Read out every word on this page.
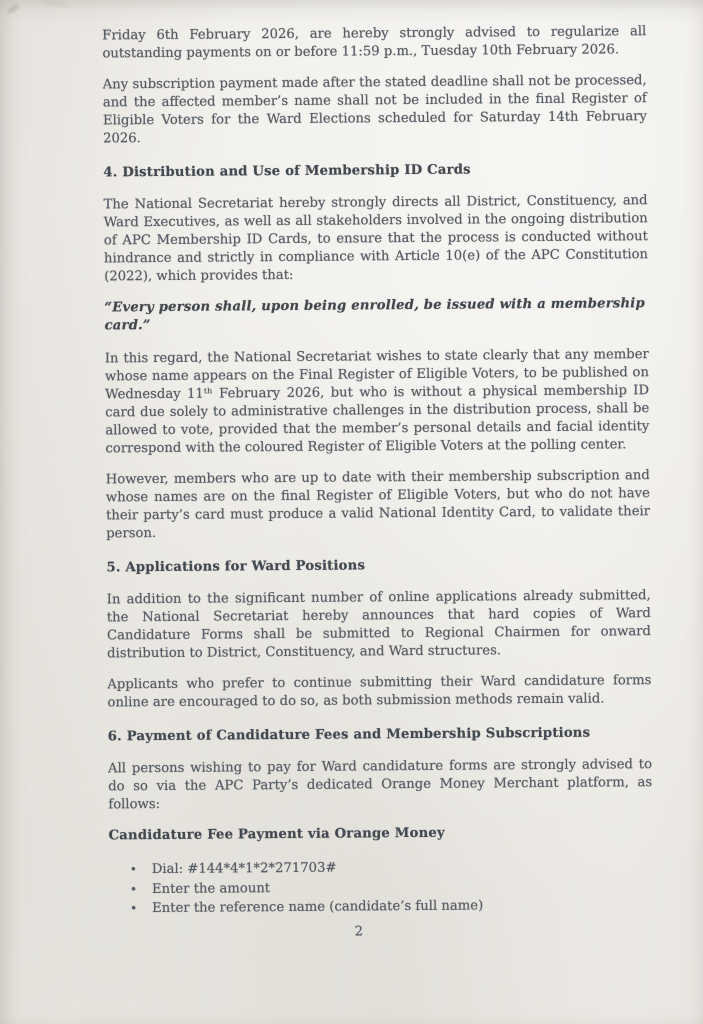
Friday 6th February 2026, are hereby strongly advised to regularize all outstanding payments on or before 11:59 p.m., Tuesday 10th February 2026.

Any subscription payment made after the stated deadline shall not be processed, and the affected member’s name shall not be included in the final Register of Eligible Voters for the Ward Elections scheduled for Saturday 14th February 2026.

4. Distribution and Use of Membership ID Cards

The National Secretariat hereby strongly directs all District, Constituency, and Ward Executives, as well as all stakeholders involved in the ongoing distribution of APC Membership ID Cards, to ensure that the process is conducted without hindrance and strictly in compliance with Article 10(e) of the APC Constitution (2022), which provides that:

“Every person shall, upon being enrolled, be issued with a membership card.”

In this regard, the National Secretariat wishes to state clearly that any member whose name appears on the Final Register of Eligible Voters, to be published on Wednesday 11ᵗʰ February 2026, but who is without a physical membership ID card due solely to administrative challenges in the distribution process, shall be allowed to vote, provided that the member’s personal details and facial identity correspond with the coloured Register of Eligible Voters at the polling center.

However, members who are up to date with their membership subscription and whose names are on the final Register of Eligible Voters, but who do not have their party’s card must produce a valid National Identity Card, to validate their person.

5. Applications for Ward Positions

In addition to the significant number of online applications already submitted, the National Secretariat hereby announces that hard copies of Ward Candidature Forms shall be submitted to Regional Chairmen for onward distribution to District, Constituency, and Ward structures.

Applicants who prefer to continue submitting their Ward candidature forms online are encouraged to do so, as both submission methods remain valid.

6. Payment of Candidature Fees and Membership Subscriptions

All persons wishing to pay for Ward candidature forms are strongly advised to do so via the APC Party’s dedicated Orange Money Merchant platform, as follows:

Candidature Fee Payment via Orange Money
•	Dial: #144*4*1*2*271703#
•	Enter the amount
•	Enter the reference name (candidate’s full name)
2
